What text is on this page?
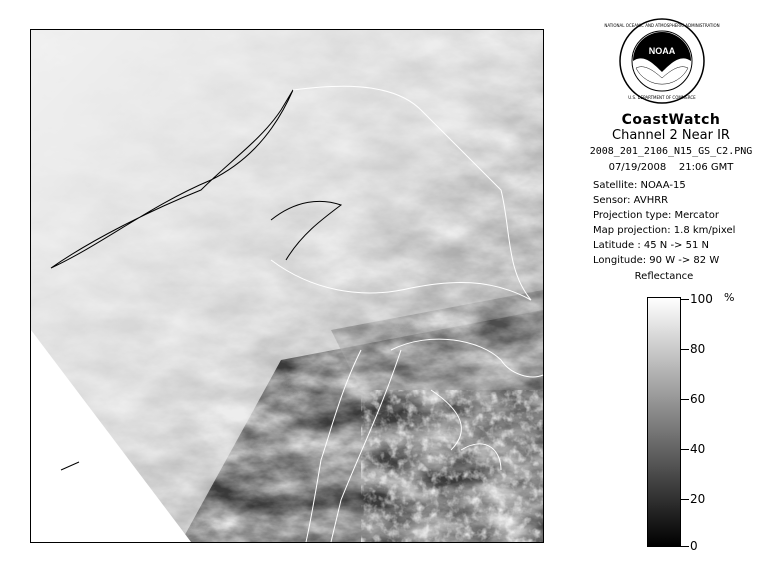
NOAA
NATIONAL OCEANIC AND ATMOSPHERIC ADMINISTRATION
U.S. DEPARTMENT OF COMMERCE
CoastWatch
Channel 2 Near IR
2008_201_2106_N15_GS_C2.PNG
07/19/2008    21:06 GMT
Satellite: NOAA-15
Sensor: AVHRR
Projection type: Mercator
Map projection: 1.8 km/pixel
Latitude : 45 N -> 51 N
Longitude: 90 W -> 82 W
Reflectance
%
100
80
60
40
20
0
